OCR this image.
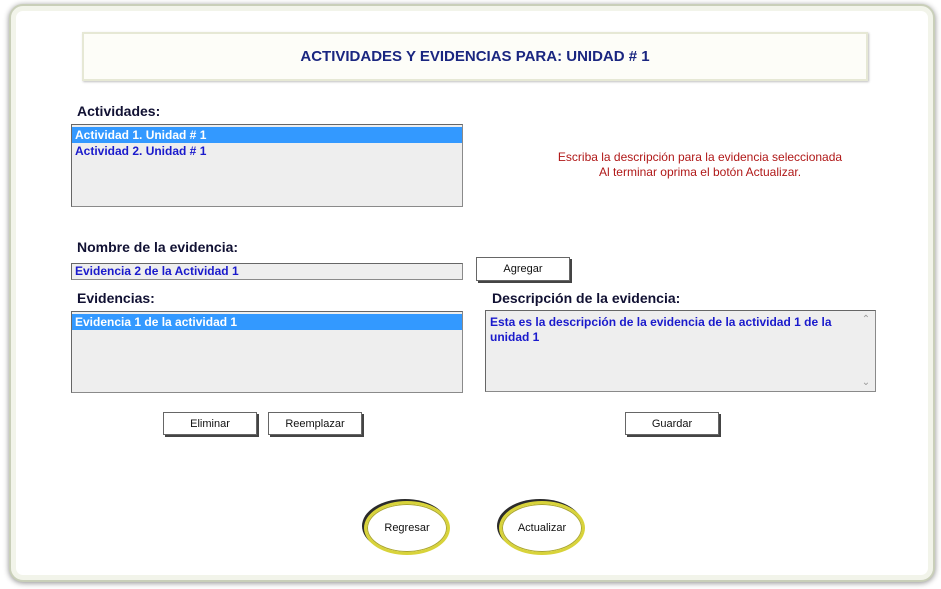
ACTIVIDADES Y EVIDENCIAS PARA: UNIDAD # 1
Actividades:
Actividad 1. Unidad # 1
Actividad 2. Unidad # 1	Escriba la descripción para la evidencia seleccionada
Al terminar oprima el botón Actualizar.
Nombre de la evidencia:
Evidencia 2 de la Actividad 1	Agregar
Evidencias:
Evidencia 1 de la actividad 1
Descripción de la evidencia:
Esta es la descripción de la evidencia de la actividad 1 de la unidad 1
⌃
⌄
Eliminar	Reemplazar	Guardar
Regresar	Actualizar
